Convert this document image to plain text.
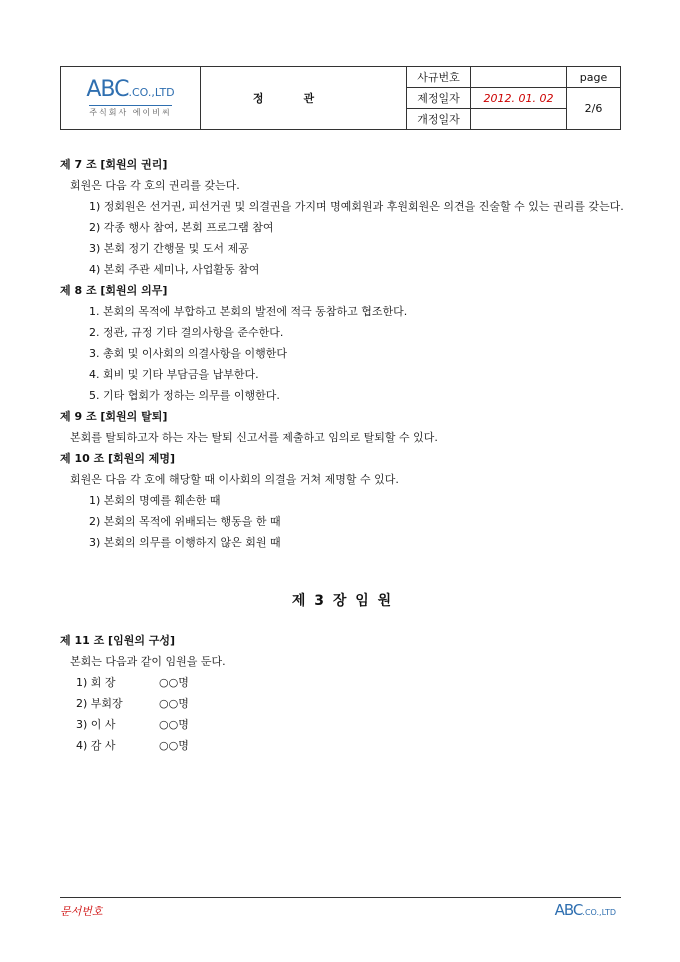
ABC.CO.,LTD
주식회사 에이비씨	정관	사규번호		page
		제정일자	2012. 01. 02	2/6
		개정일자		
제 7 조 [회원의 권리]
회원은 다음 각 호의 권리를 갖는다.
1) 정회원은 선거권, 피선거권 및 의결권을 가지며 명예회원과 후원회원은 의견을 진술할 수 있는 권리를 갖는다.
2) 각종 행사 참여, 본회 프로그램 참여
3) 본회 정기 간행물 및 도서 제공
4) 본회 주관 세미나, 사업활동 참여
제 8 조 [회원의 의무]
1. 본회의 목적에 부합하고 본회의 발전에 적극 동참하고 협조한다.
2. 정관, 규정 기타 결의사항을 준수한다.
3. 총회 및 이사회의 의결사항을 이행한다
4. 회비 및 기타 부담금을 납부한다.
5. 기타 협회가 정하는 의무를 이행한다.
제 9 조 [회원의 탈퇴]
본회를 탈퇴하고자 하는 자는 탈퇴 신고서를 제출하고 임의로 탈퇴할 수 있다.
제 10 조 [회원의 제명]
회원은 다음 각 호에 해당할 때 이사회의 의결을 거쳐 제명할 수 있다.
1) 본회의 명예를 훼손한 때
2) 본회의 목적에 위배되는 행동을 한 때
3) 본회의 의무를 이행하지 않은 회원 때
제 3 장 임 원
제 11 조 [임원의 구성]
본회는 다음과 같이 임원을 둔다.
1) 회 장	○○명
2) 부회장	○○명
3) 이 사	○○명
4) 감 사	○○명
문서번호	ABC.CO.,LTD
